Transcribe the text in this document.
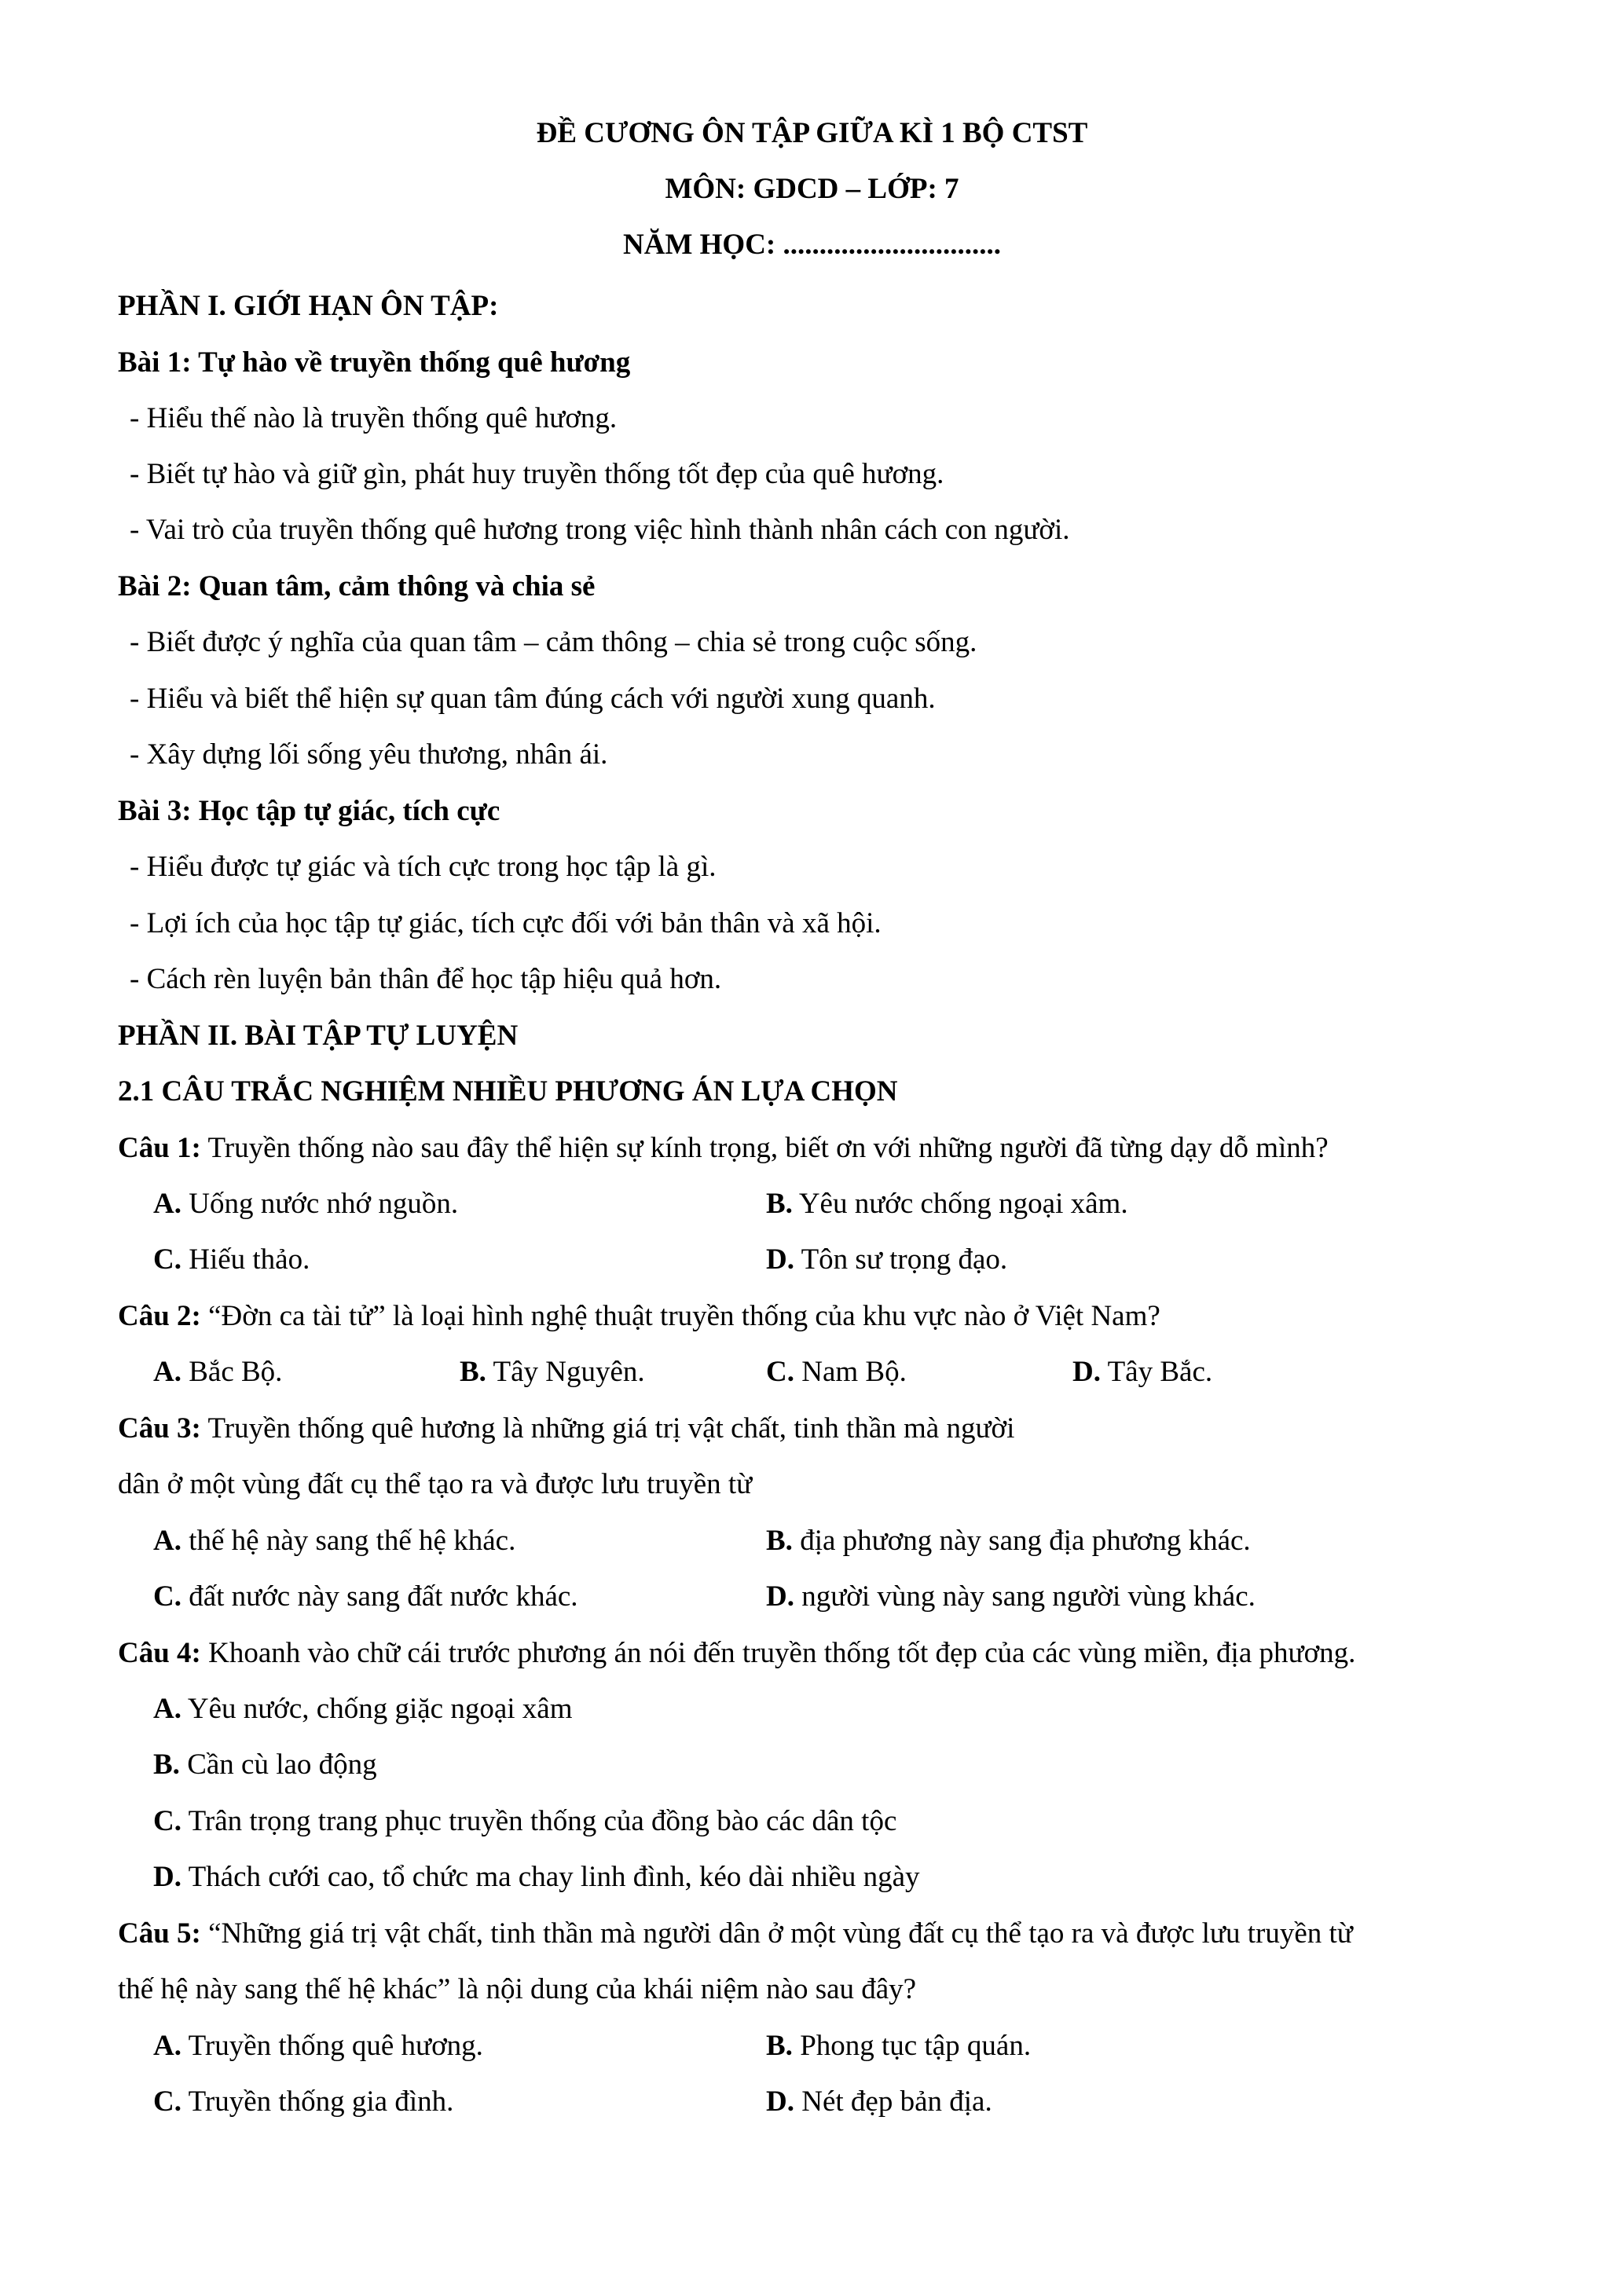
ĐỀ CƯƠNG ÔN TẬP GIỮA KÌ 1 BỘ CTST
MÔN: GDCD – LỚP: 7
NĂM HỌC: ..............................
PHẦN I. GIỚI HẠN ÔN TẬP:
Bài 1: Tự hào về truyền thống quê hương
- Hiểu thế nào là truyền thống quê hương.
- Biết tự hào và giữ gìn, phát huy truyền thống tốt đẹp của quê hương.
- Vai trò của truyền thống quê hương trong việc hình thành nhân cách con người.
Bài 2: Quan tâm, cảm thông và chia sẻ
- Biết được ý nghĩa của quan tâm – cảm thông – chia sẻ trong cuộc sống.
- Hiểu và biết thể hiện sự quan tâm đúng cách với người xung quanh.
- Xây dựng lối sống yêu thương, nhân ái.
Bài 3: Học tập tự giác, tích cực
- Hiểu được tự giác và tích cực trong học tập là gì.
- Lợi ích của học tập tự giác, tích cực đối với bản thân và xã hội.
- Cách rèn luyện bản thân để học tập hiệu quả hơn.
PHẦN II. BÀI TẬP TỰ LUYỆN
2.1 CÂU TRẮC NGHIỆM NHIỀU PHƯƠNG ÁN LỰA CHỌN
Câu 1: Truyền thống nào sau đây thể hiện sự kính trọng, biết ơn với những người đã từng dạy dỗ mình?
A. Uống nước nhớ nguồn.	B. Yêu nước chống ngoại xâm.
C. Hiếu thảo.	D. Tôn sư trọng đạo.
Câu 2: “Đờn ca tài tử” là loại hình nghệ thuật truyền thống của khu vực nào ở Việt Nam?
A. Bắc Bộ.	B. Tây Nguyên.	C. Nam Bộ.	D. Tây Bắc.
Câu 3: Truyền thống quê hương là những giá trị vật chất, tinh thần mà người
dân ở một vùng đất cụ thể tạo ra và được lưu truyền từ
A. thế hệ này sang thế hệ khác.	B. địa phương này sang địa phương khác.
C. đất nước này sang đất nước khác.	D. người vùng này sang người vùng khác.
Câu 4: Khoanh vào chữ cái trước phương án nói đến truyền thống tốt đẹp của các vùng miền, địa phương.
A. Yêu nước, chống giặc ngoại xâm
B. Cần cù lao động
C. Trân trọng trang phục truyền thống của đồng bào các dân tộc
D. Thách cưới cao, tổ chức ma chay linh đình, kéo dài nhiều ngày
Câu 5: “Những giá trị vật chất, tinh thần mà người dân ở một vùng đất cụ thể tạo ra và được lưu truyền từ
thế hệ này sang thế hệ khác” là nội dung của khái niệm nào sau đây?
A. Truyền thống quê hương.	B. Phong tục tập quán.
C. Truyền thống gia đình.	D. Nét đẹp bản địa.
